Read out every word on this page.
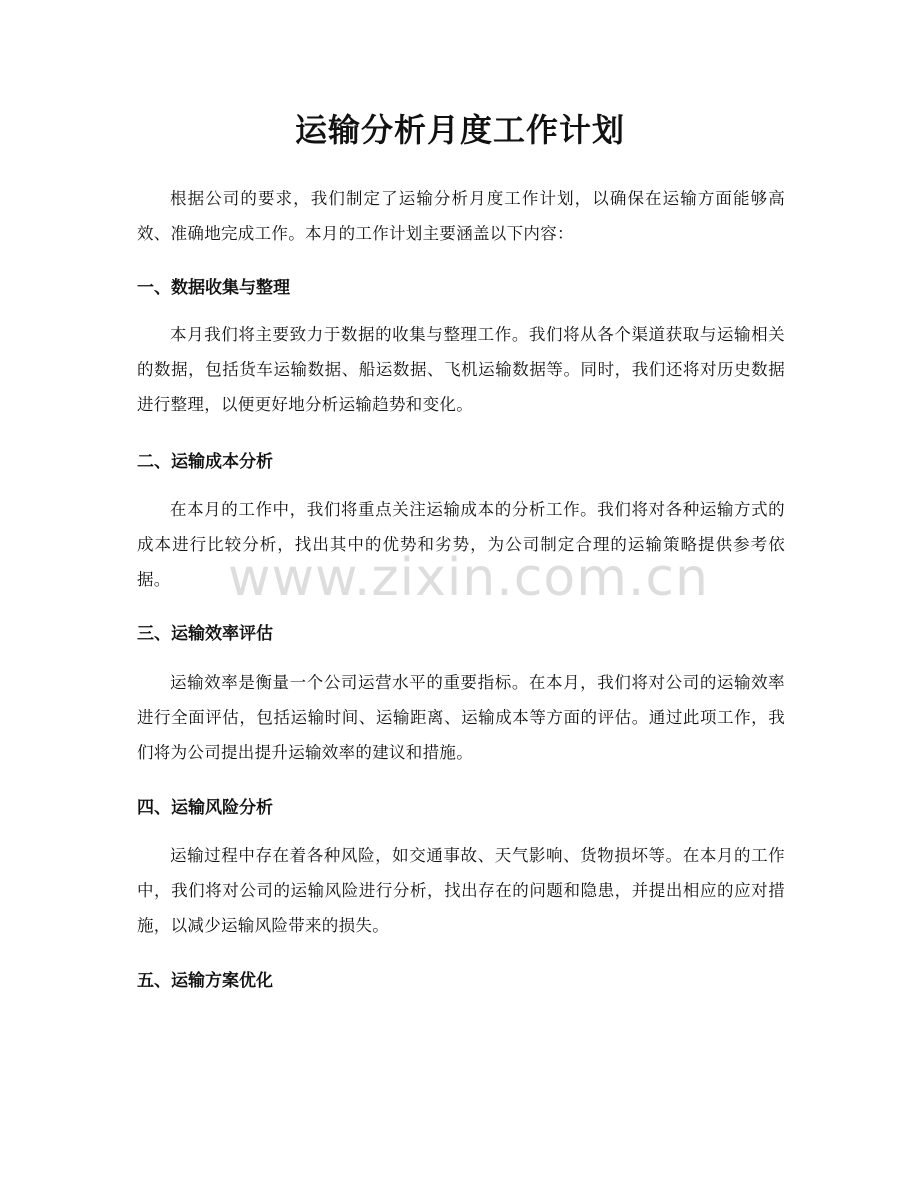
运输分析月度工作计划

根据公司的要求，我们制定了运输分析月度工作计划，以确保在运输方面能够高效、准确地完成工作。本月的工作计划主要涵盖以下内容：

一、数据收集与整理

本月我们将主要致力于数据的收集与整理工作。我们将从各个渠道获取与运输相关的数据，包括货车运输数据、船运数据、飞机运输数据等。同时，我们还将对历史数据进行整理，以便更好地分析运输趋势和变化。

二、运输成本分析

在本月的工作中，我们将重点关注运输成本的分析工作。我们将对各种运输方式的成本进行比较分析，找出其中的优势和劣势，为公司制定合理的运输策略提供参考依据。

三、运输效率评估

运输效率是衡量一个公司运营水平的重要指标。在本月，我们将对公司的运输效率进行全面评估，包括运输时间、运输距离、运输成本等方面的评估。通过此项工作，我们将为公司提出提升运输效率的建议和措施。

四、运输风险分析

运输过程中存在着各种风险，如交通事故、天气影响、货物损坏等。在本月的工作中，我们将对公司的运输风险进行分析，找出存在的问题和隐患，并提出相应的应对措施，以减少运输风险带来的损失。

五、运输方案优化
www.zixin.com.cn
